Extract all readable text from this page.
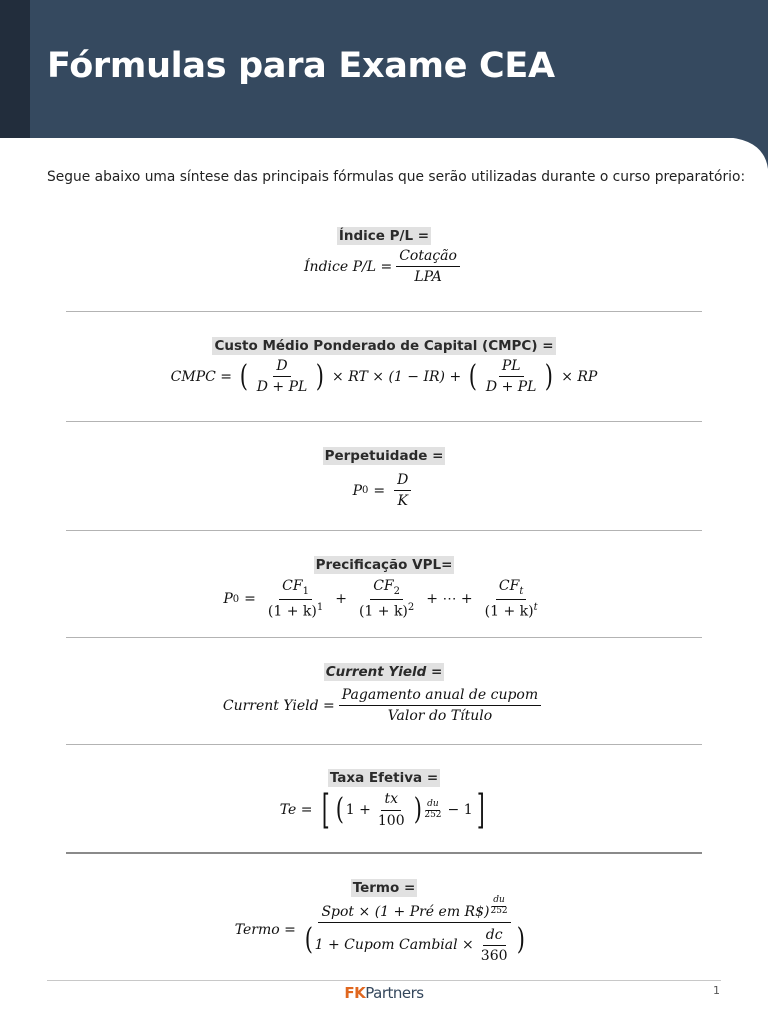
Fórmulas para Exame CEA
Segue abaixo uma síntese das principais fórmulas que serão utilizadas durante o curso preparatório:
Índice P/L =
Índice $P/L = \frac{\text{Cotação}}{\text{LPA}}$
Custo Médio Ponderado de Capital (CMPC) =
CMPC = ( $\frac{D}{D + PL}$ ) × RT × (1 − IR) + ( $\frac{PL}{D + PL}$ ) × RP
Perpetuidade =
P $0 = \frac{D}{K}$
Precificação VPL=
P $0 = \frac{CF_1}{(1 + k)^1} + \frac{CF_2}{(1 + k)^2}$ + ⋯ + $\frac{CF_t}{(1 + k)^t}$
Current Yield =
Current Yield = $\frac{\text{Pagamento anual de cupom}}{\text{Valor do Título}}$
Taxa Efetiva =
Te = [ ( $1 + \frac{tx}{100}$ ) du
252 − 1 ]
Termo =
Termo = $\frac{Spot \times (1 + Pré em R\$) \frac{du}{252}}{( 1 + Cupom Cambial \times \frac{dc}{360} )}$
FKPartners	1
